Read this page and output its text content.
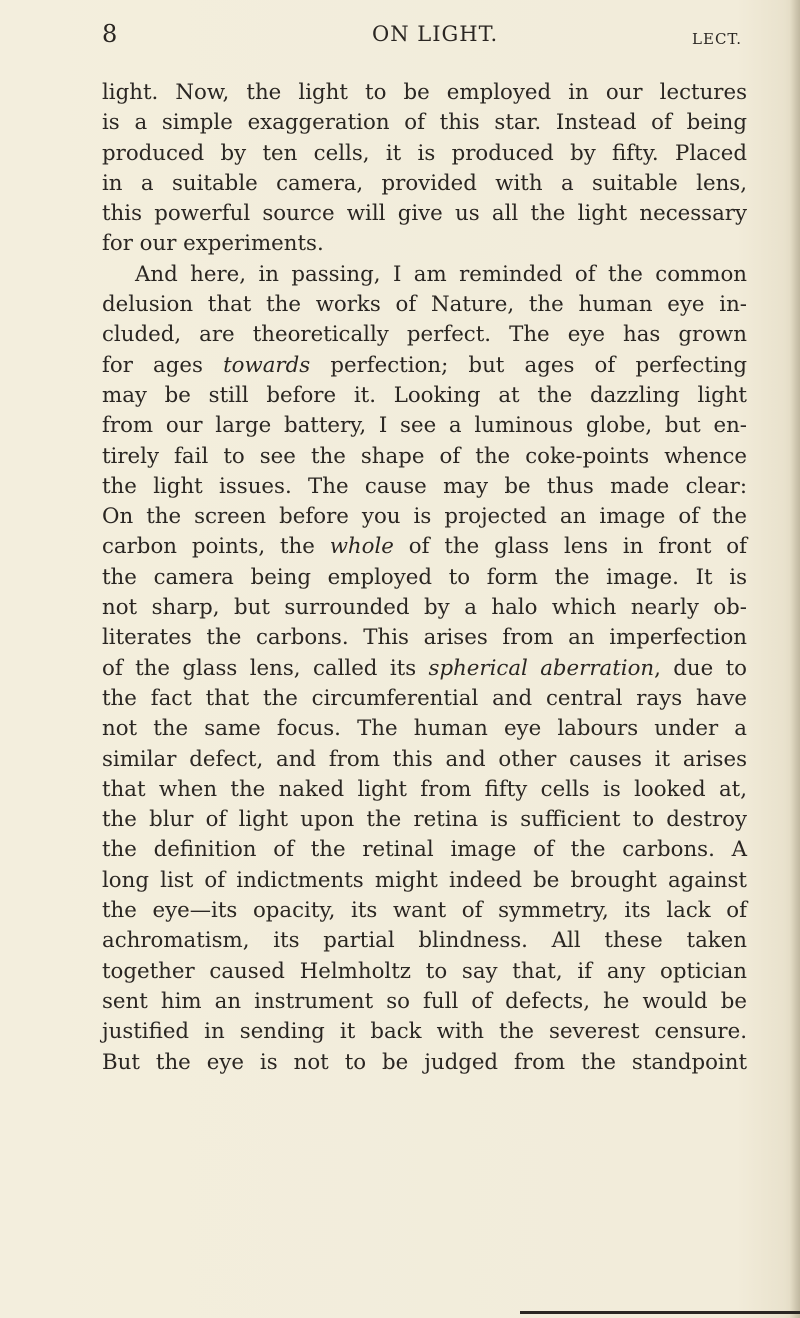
8	ON LIGHT.	LECT.
light. Now, the light to be employed in our lectures
is a simple exaggeration of this star. Instead of being
produced by ten cells, it is produced by fifty. Placed
in a suitable camera, provided with a suitable lens,
this powerful source will give us all the light necessary
for our experiments.
And here, in passing, I am reminded of the common
delusion that the works of Nature, the human eye in-
cluded, are theoretically perfect. The eye has grown
for ages towards perfection; but ages of perfecting
may be still before it. Looking at the dazzling light
from our large battery, I see a luminous globe, but en-
tirely fail to see the shape of the coke-points whence
the light issues. The cause may be thus made clear:
On the screen before you is projected an image of the
carbon points, the whole of the glass lens in front of
the camera being employed to form the image. It is
not sharp, but surrounded by a halo which nearly ob-
literates the carbons. This arises from an imperfection
of the glass lens, called its spherical aberration, due to
the fact that the circumferential and central rays have
not the same focus. The human eye labours under a
similar defect, and from this and other causes it arises
that when the naked light from fifty cells is looked at,
the blur of light upon the retina is sufficient to destroy
the definition of the retinal image of the carbons. A
long list of indictments might indeed be brought against
the eye—its opacity, its want of symmetry, its lack of
achromatism, its partial blindness. All these taken
together caused Helmholtz to say that, if any optician
sent him an instrument so full of defects, he would be
justified in sending it back with the severest censure.
But the eye is not to be judged from the standpoint
